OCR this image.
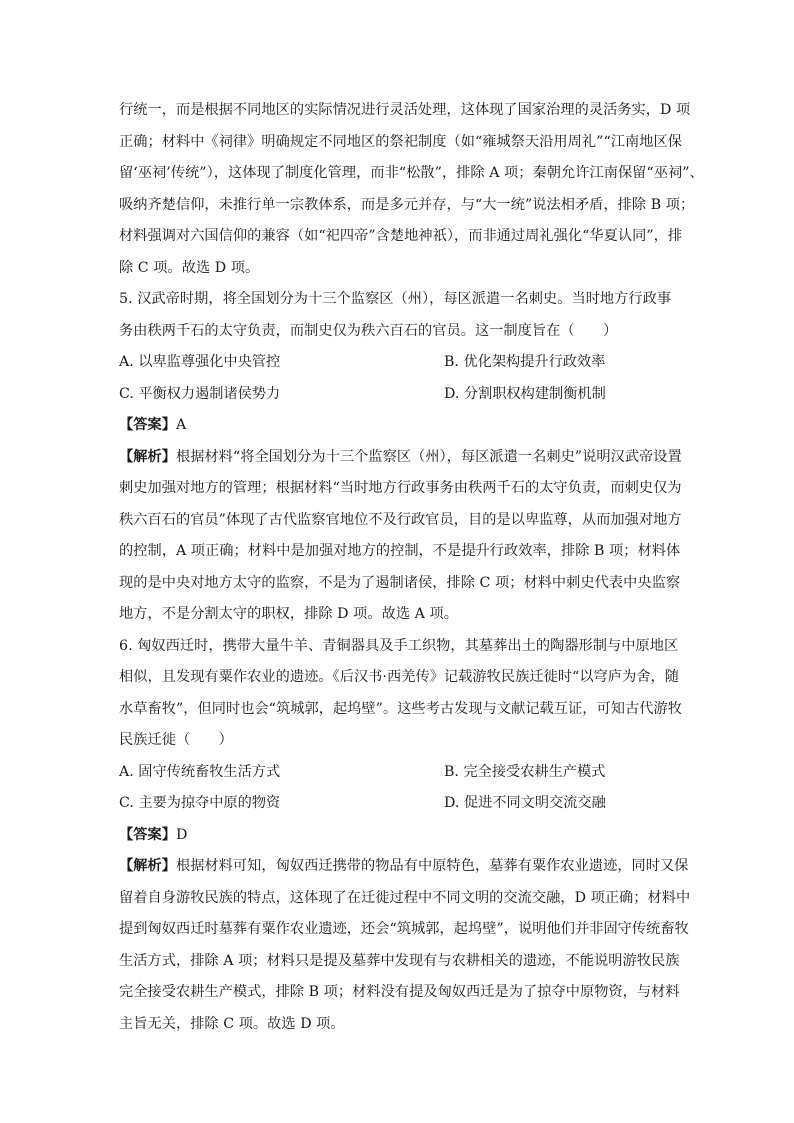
行统一，而是根据不同地区的实际情况进行灵活处理，这体现了国家治理的灵活务实，D 项
正确；材料中《祠律》明确规定不同地区的祭祀制度（如“雍城祭天沿用周礼”“江南地区保
留‘巫祠’传统”），这体现了制度化管理，而非“松散”，排除 A 项；秦朝允许江南保留“巫祠”、
吸纳齐楚信仰，未推行单一宗教体系，而是多元并存，与“大一统”说法相矛盾，排除 B 项；
材料强调对六国信仰的兼容（如“祀四帝”含楚地神祇），而非通过周礼强化“华夏认同”，排
除 C 项。故选 D 项。
5. 汉武帝时期，将全国划分为十三个监察区（州），每区派遣一名刺史。当时地方行政事
务由秩两千石的太守负责，而制史仅为秩六百石的官员。这一制度旨在（　　）
A. 以卑监尊强化中央管控	B. 优化架构提升行政效率
C. 平衡权力遏制诸侯势力	D. 分割职权构建制衡机制
【答案】A
【解析】根据材料“将全国划分为十三个监察区（州），每区派遣一名刺史”说明汉武帝设置
刺史加强对地方的管理；根据材料“当时地方行政事务由秩两千石的太守负责，而刺史仅为
秩六百石的官员”体现了古代监察官地位不及行政官员，目的是以卑监尊，从而加强对地方
的控制，A 项正确；材料中是加强对地方的控制，不是提升行政效率，排除 B 项；材料体
现的是中央对地方太守的监察，不是为了遏制诸侯，排除 C 项；材料中刺史代表中央监察
地方，不是分割太守的职权，排除 D 项。故选 A 项。
6. 匈奴西迁时，携带大量牛羊、青铜器具及手工织物，其墓葬出土的陶器形制与中原地区
相似，且发现有粟作农业的遗迹。《后汉书·西羌传》记载游牧民族迁徙时“以穹庐为舍，随
水草畜牧”，但同时也会“筑城郭，起坞壁”。这些考古发现与文献记载互证，可知古代游牧
民族迁徙（　　）
A. 固守传统畜牧生活方式	B. 完全接受农耕生产模式
C. 主要为掠夺中原的物资	D. 促进不同文明交流交融
【答案】D
【解析】根据材料可知，匈奴西迁携带的物品有中原特色，墓葬有粟作农业遗迹，同时又保
留着自身游牧民族的特点，这体现了在迁徙过程中不同文明的交流交融，D 项正确；材料中
提到匈奴西迁时墓葬有粟作农业遗迹，还会“筑城郭，起坞壁”，说明他们并非固守传统畜牧
生活方式，排除 A 项；材料只是提及墓葬中发现有与农耕相关的遗迹，不能说明游牧民族
完全接受农耕生产模式，排除 B 项；材料没有提及匈奴西迁是为了掠夺中原物资，与材料
主旨无关，排除 C 项。故选 D 项。
